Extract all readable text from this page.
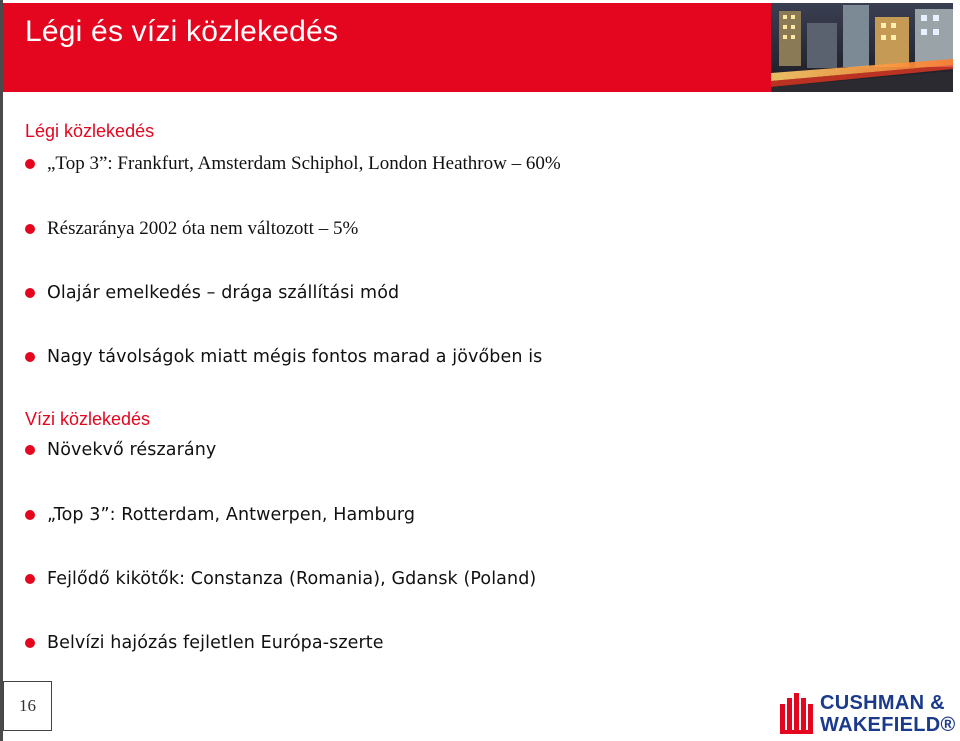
Légi és vízi közlekedés
Légi közlekedés
„Top 3”: Frankfurt, Amsterdam Schiphol, London Heathrow – 60%
Részaránya 2002 óta nem változott – 5%
Olajár emelkedés – drága szállítási mód
Nagy távolságok miatt mégis fontos marad a jövőben is
Vízi közlekedés
Növekvő részarány
„Top 3”: Rotterdam, Antwerpen, Hamburg
Fejlődő kikötők: Constanza (Romania), Gdansk (Poland)
Belvízi hajózás fejletlen Európa-szerte
16	CUSHMAN &
WAKEFIELD®
